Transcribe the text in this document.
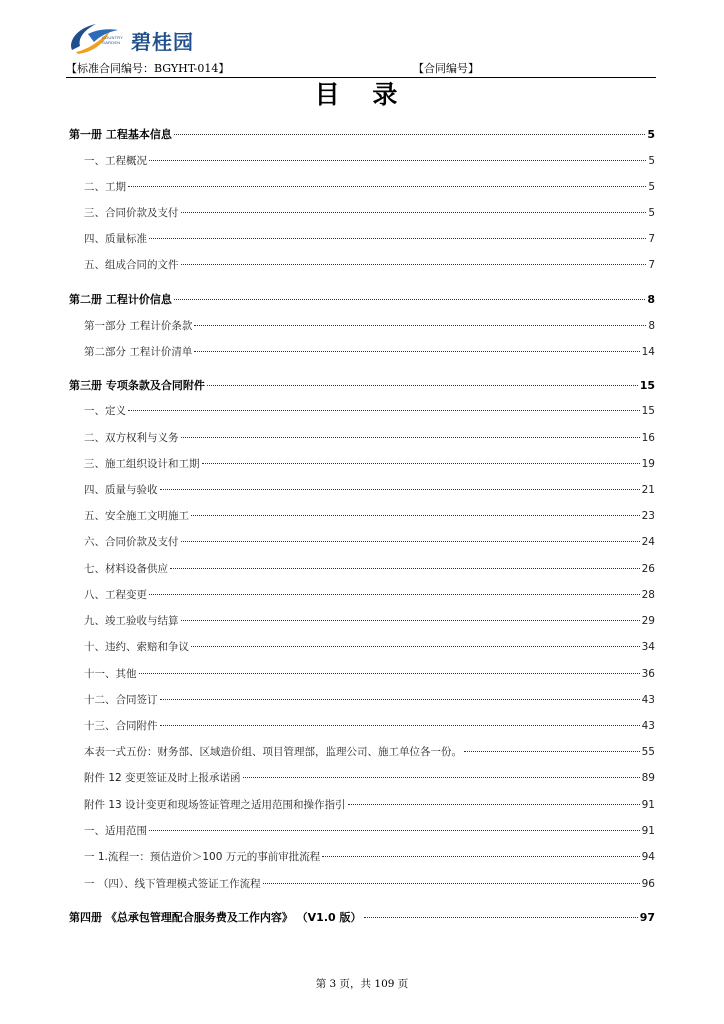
COUNTRY
GARDEN 碧桂园
【标准合同编号：BGYHT-014】	【合同编号】
目 录
第一册 工程基本信息	5
一、工程概况	5
二、工期	5
三、合同价款及支付	5
四、质量标准	7
五、组成合同的文件	7
第二册 工程计价信息	8
第一部分 工程计价条款	8
第二部分 工程计价清单	14
第三册 专项条款及合同附件	15
一、定义	15
二、双方权利与义务	16
三、施工组织设计和工期	19
四、质量与验收	21
五、安全施工文明施工	23
六、合同价款及支付	24
七、材料设备供应	26
八、工程变更	28
九、竣工验收与结算	29
十、违约、索赔和争议	34
十一、其他	36
十二、合同签订	43
十三、合同附件	43
本表一式五份：财务部、区域造价组、项目管理部，监理公司、施工单位各一份。	55
附件 12 变更签证及时上报承诺函	89
附件 13 设计变更和现场签证管理之适用范围和操作指引	91
一、适用范围	91
一 1.流程一：预估造价＞100 万元的事前审批流程	94
一 （四）、线下管理模式签证工作流程	96
第四册 《总承包管理配合服务费及工作内容》 （V1.0 版）	97
第 3 页，共 109 页
